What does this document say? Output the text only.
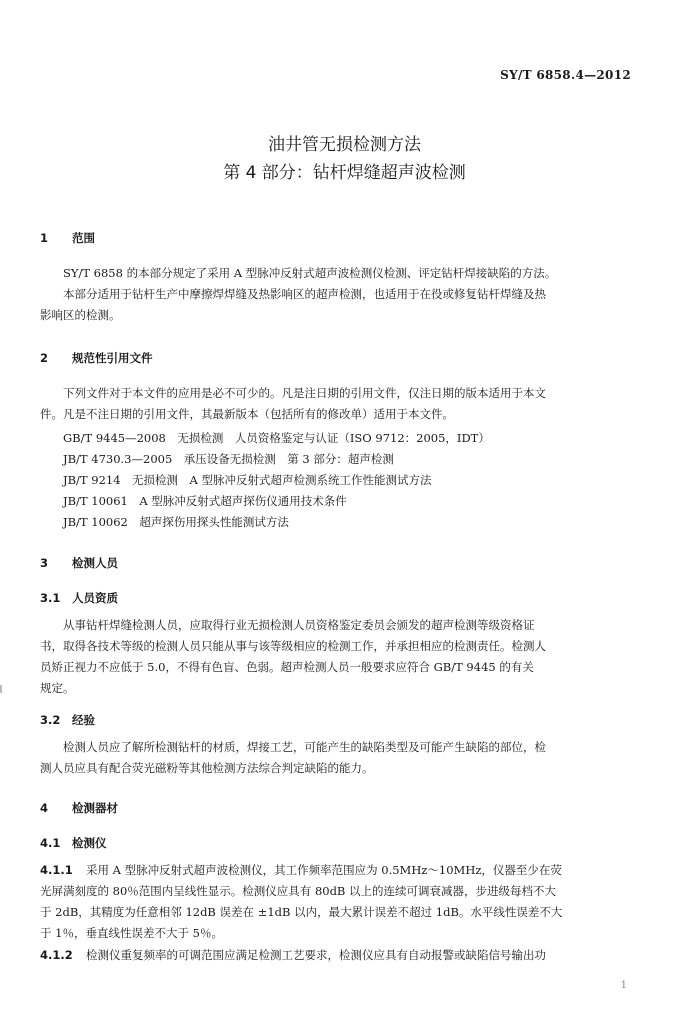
SY/T 6858.4—2012
油井管无损检测方法
第 4 部分：钻杆焊缝超声波检测
1 范围
SY/T 6858 的本部分规定了采用 A 型脉冲反射式超声波检测仪检测、评定钻杆焊接缺陷的方法。
本部分适用于钻杆生产中摩擦焊焊缝及热影响区的超声检测，也适用于在役或修复钻杆焊缝及热
影响区的检测。
2 规范性引用文件
下列文件对于本文件的应用是必不可少的。凡是注日期的引用文件，仅注日期的版本适用于本文
件。凡是不注日期的引用文件，其最新版本（包括所有的修改单）适用于本文件。
GB/T 9445—2008　无损检测　人员资格鉴定与认证（ISO 9712：2005，IDT）
JB/T 4730.3—2005　承压设备无损检测　第 3 部分：超声检测
JB/T 9214　无损检测　A 型脉冲反射式超声检测系统工作性能测试方法
JB/T 10061　A 型脉冲反射式超声探伤仪通用技术条件
JB/T 10062　超声探伤用探头性能测试方法
3 检测人员
3.1 人员资质
从事钻杆焊缝检测人员，应取得行业无损检测人员资格鉴定委员会颁发的超声检测等级资格证
书，取得各技术等级的检测人员只能从事与该等级相应的检测工作，并承担相应的检测责任。检测人
员矫正视力不应低于 5.0，不得有色盲、色弱。超声检测人员一般要求应符合 GB/T 9445 的有关
规定。
3.2 经验
检测人员应了解所检测钻杆的材质，焊接工艺，可能产生的缺陷类型及可能产生缺陷的部位，检
测人员应具有配合荧光磁粉等其他检测方法综合判定缺陷的能力。
4 检测器材
4.1 检测仪
4.1.1 采用 A 型脉冲反射式超声波检测仪，其工作频率范围应为 0.5MHz～10MHz，仪器至少在荧
光屏满刻度的 80％范围内呈线性显示。检测仪应具有 80dB 以上的连续可调衰减器，步进级每档不大
于 2dB，其精度为任意相邻 12dB 误差在 ±1dB 以内，最大累计误差不超过 1dB。水平线性误差不大
于 1％，垂直线性误差不大于 5％。
4.1.2 检测仪重复频率的可调范围应满足检测工艺要求，检测仪应具有自动报警或缺陷信号输出功
1
